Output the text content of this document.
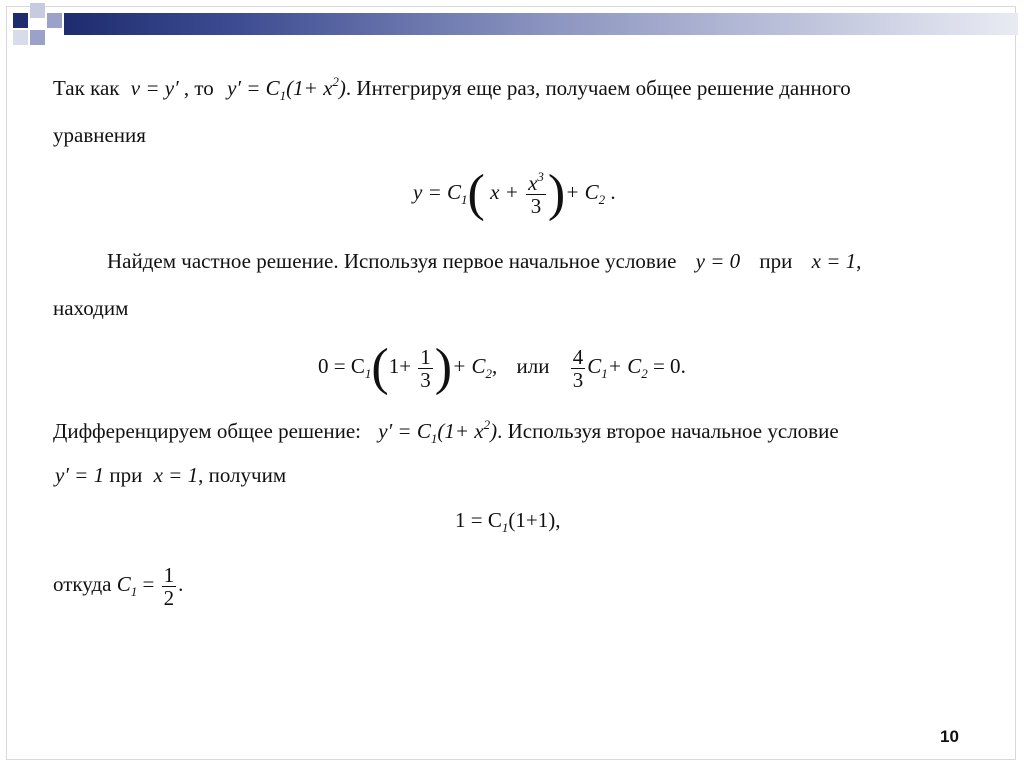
Так как v = y′ , то $y' = C_1(1+ x^2)$. Интегрируя еще раз, получаем общее решение данного
уравнения
$y = C_1$( $x + \frac{x^3}{3}$ )+ $C_2$ .
Найдем частное решение. Используя первое начальное условие y = 0 при x = 1,
находим
$0 = C_1(1+ \frac{1}{3}$ )+ $C_2$, или $\frac{4}{3} C_1+ C_2 = 0$.
Дифференцируем общее решение: $y' = C_1(1+ x^2)$. Используя второе начальное условие
y′ = 1 при x = 1, получим
$1 = C_1(1+1)$,
откуда $C_1 = \frac{1}{2}$ .
10
